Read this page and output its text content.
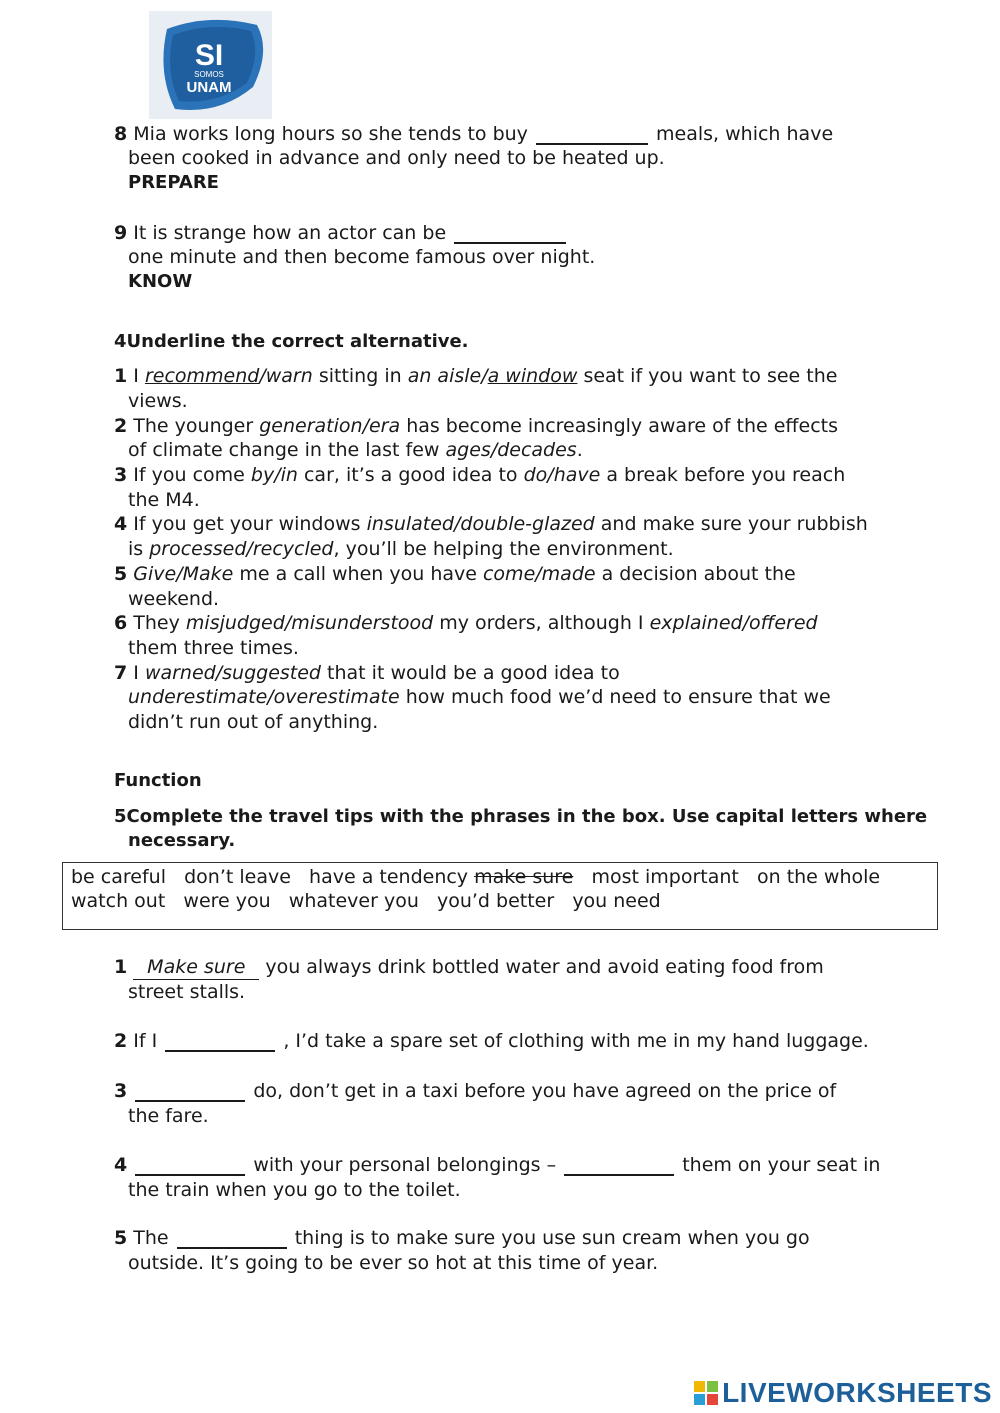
SI
SOMOS
UNAM
8 Mia works long hours so she tends to buy	meals, which have
been cooked in advance and only need to be heated up.
PREPARE
9 It is strange how an actor can be
one minute and then become famous over night.
KNOW
4Underline the correct alternative.
1 I recommend/warn sitting in an aisle/a window seat if you want to see the
views.
2 The younger generation/era has become increasingly aware of the effects
of climate change in the last few ages/decades.
3 If you come by/in car, it’s a good idea to do/have a break before you reach
the M4.
4 If you get your windows insulated/double-glazed and make sure your rubbish
is processed/recycled, you’ll be helping the environment.
5 Give/Make me a call when you have come/made a decision about the
weekend.
6 They misjudged/misunderstood my orders, although I explained/offered
them three times.
7 I warned/suggested that it would be a good idea to
underestimate/overestimate how much food we’d need to ensure that we
didn’t run out of anything.
Function
5Complete the travel tips with the phrases in the box. Use capital letters where
necessary.
be careful don’t leave have a tendency make sure most important on the whole
watch out were you whatever you you’d better you need
1 Make sure you always drink bottled water and avoid eating food from
street stalls.
2 If I	, I’d take a spare set of clothing with me in my hand luggage.
3	do, don’t get in a taxi before you have agreed on the price of
the fare.
4	with your personal belongings –	them on your seat in
the train when you go to the toilet.
5 The	thing is to make sure you use sun cream when you go
outside. It’s going to be ever so hot at this time of year.
LIVEWORKSHEETS
